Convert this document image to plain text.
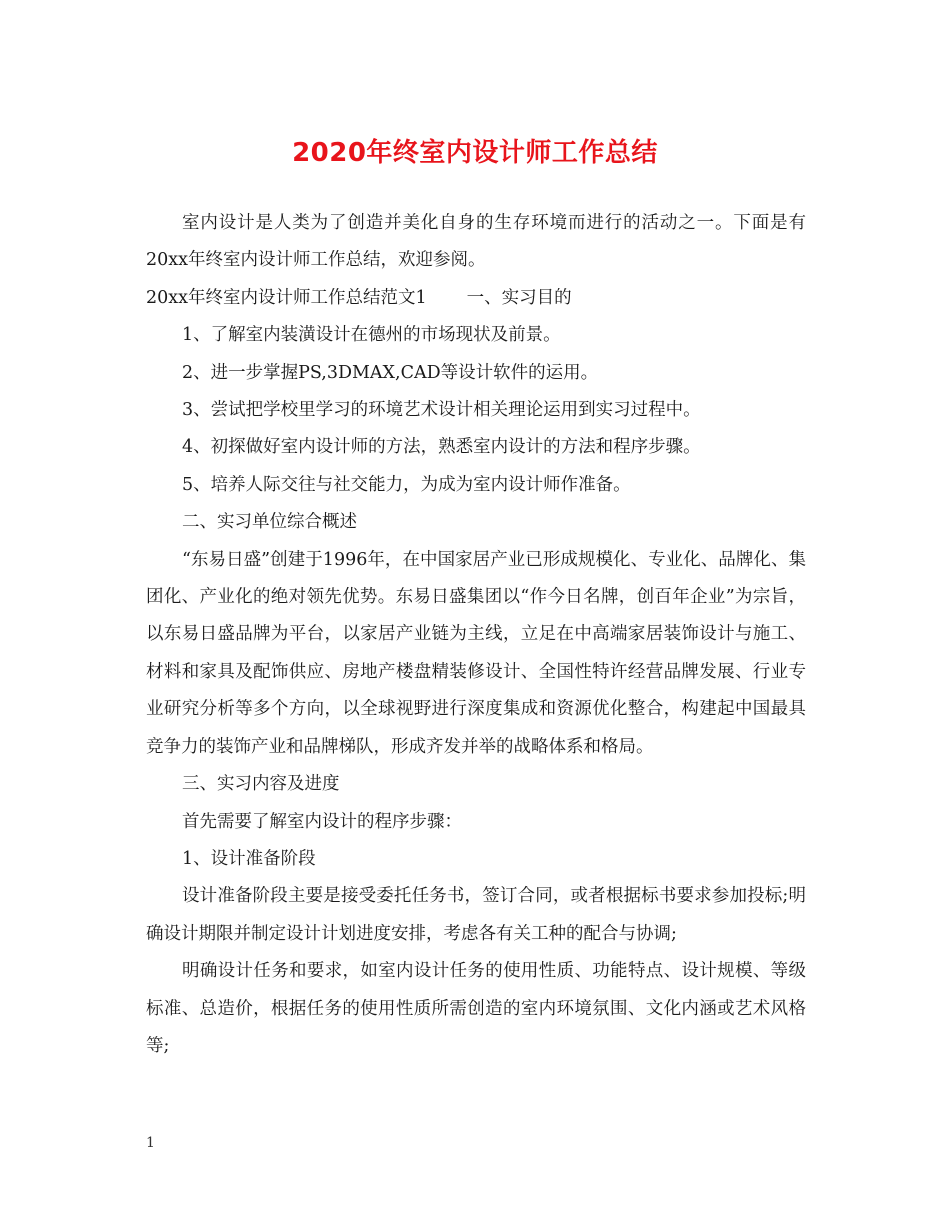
2020年终室内设计师工作总结

室内设计是人类为了创造并美化自身的生存环境而进行的活动之一。下面是有20xx年终室内设计师工作总结，欢迎参阅。

20xx年终室内设计师工作总结范文1 一、实习目的

1、了解室内装潢设计在德州的市场现状及前景。

2、进一步掌握PS,3DMAX,CAD等设计软件的运用。

3、尝试把学校里学习的环境艺术设计相关理论运用到实习过程中。

4、初探做好室内设计师的方法，熟悉室内设计的方法和程序步骤。

5、培养人际交往与社交能力，为成为室内设计师作准备。

二、实习单位综合概述

“东易日盛”创建于1996年，在中国家居产业已形成规模化、专业化、品牌化、集团化、产业化的绝对领先优势。东易日盛集团以“作今日名牌，创百年企业”为宗旨，以东易日盛品牌为平台，以家居产业链为主线，立足在中高端家居装饰设计与施工、材料和家具及配饰供应、房地产楼盘精装修设计、全国性特许经营品牌发展、行业专业研究分析等多个方向，以全球视野进行深度集成和资源优化整合，构建起中国最具竞争力的装饰产业和品牌梯队，形成齐发并举的战略体系和格局。

三、实习内容及进度

首先需要了解室内设计的程序步骤：

1、设计准备阶段

设计准备阶段主要是接受委托任务书，签订合同，或者根据标书要求参加投标;明确设计期限并制定设计计划进度安排，考虑各有关工种的配合与协调;

明确设计任务和要求，如室内设计任务的使用性质、功能特点、设计规模、等级标准、总造价，根据任务的使用性质所需创造的室内环境氛围、文化内涵或艺术风格等;

1
